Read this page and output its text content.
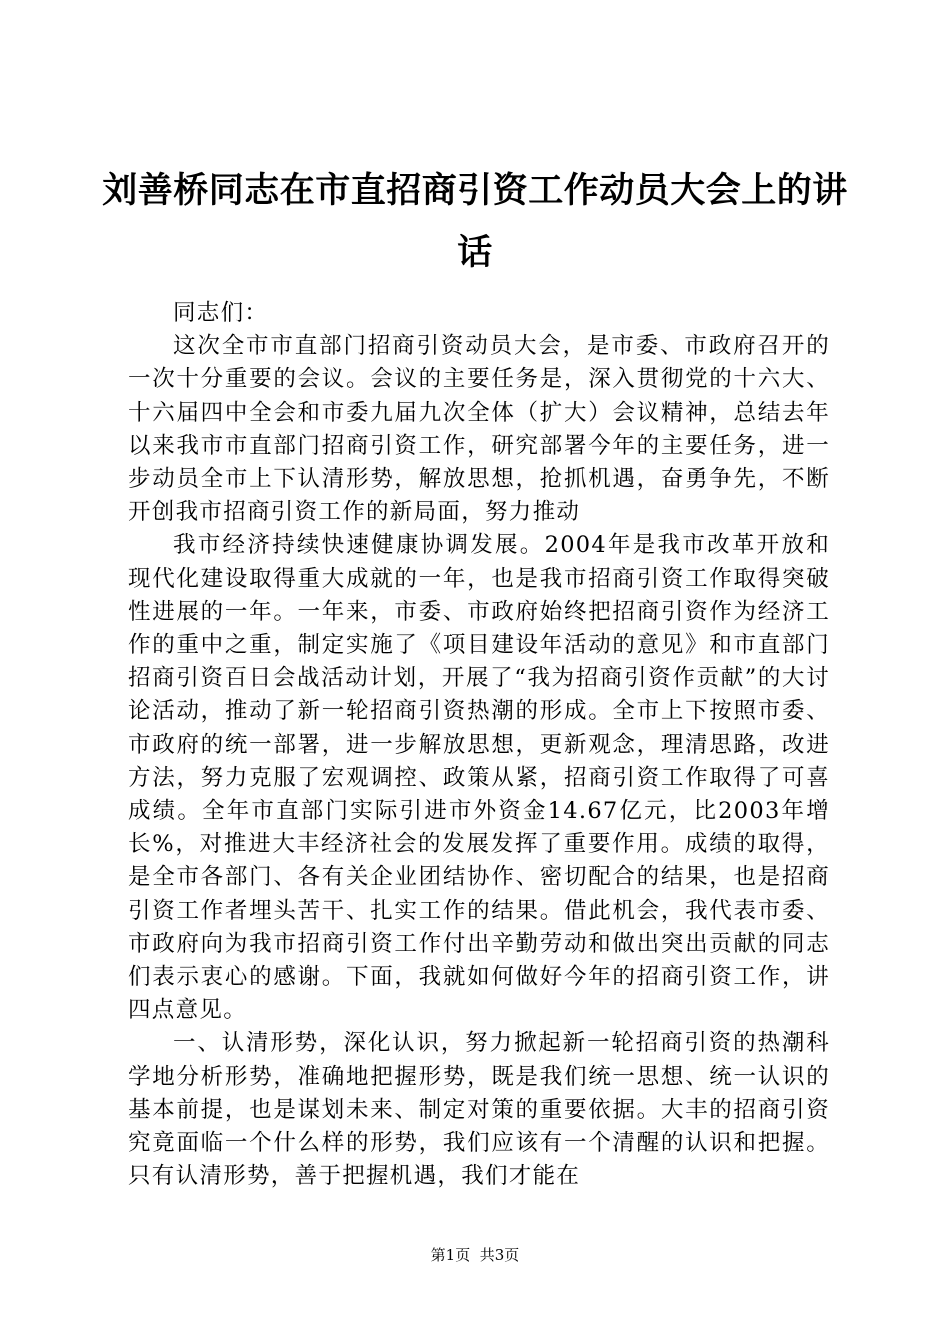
刘善桥同志在市直招商引资工作动员大会上的讲话

同志们：

这次全市市直部门招商引资动员大会，是市委、市政府召开的一次十分重要的会议。会议的主要任务是，深入贯彻党的十六大、十六届四中全会和市委九届九次全体（扩大）会议精神，总结去年以来我市市直部门招商引资工作，研究部署今年的主要任务，进一步动员全市上下认清形势，解放思想，抢抓机遇，奋勇争先，不断开创我市招商引资工作的新局面，努力推动

我市经济持续快速健康协调发展。2004年是我市改革开放和现代化建设取得重大成就的一年，也是我市招商引资工作取得突破性进展的一年。一年来，市委、市政府始终把招商引资作为经济工作的重中之重，制定实施了《项目建设年活动的意见》和市直部门招商引资百日会战活动计划，开展了“我为招商引资作贡献”的大讨论活动，推动了新一轮招商引资热潮的形成。全市上下按照市委、市政府的统一部署，进一步解放思想，更新观念，理清思路，改进方法，努力克服了宏观调控、政策从紧，招商引资工作取得了可喜成绩。全年市直部门实际引进市外资金14.67亿元，比2003年增长%，对推进大丰经济社会的发展发挥了重要作用。成绩的取得，是全市各部门、各有关企业团结协作、密切配合的结果，也是招商引资工作者埋头苦干、扎实工作的结果。借此机会，我代表市委、市政府向为我市招商引资工作付出辛勤劳动和做出突出贡献的同志们表示衷心的感谢。下面，我就如何做好今年的招商引资工作，讲四点意见。

一、认清形势，深化认识，努力掀起新一轮招商引资的热潮科学地分析形势，准确地把握形势，既是我们统一思想、统一认识的基本前提，也是谋划未来、制定对策的重要依据。大丰的招商引资究竟面临一个什么样的形势，我们应该有一个清醒的认识和把握。只有认清形势，善于把握机遇，我们才能在

第1页 共3页
